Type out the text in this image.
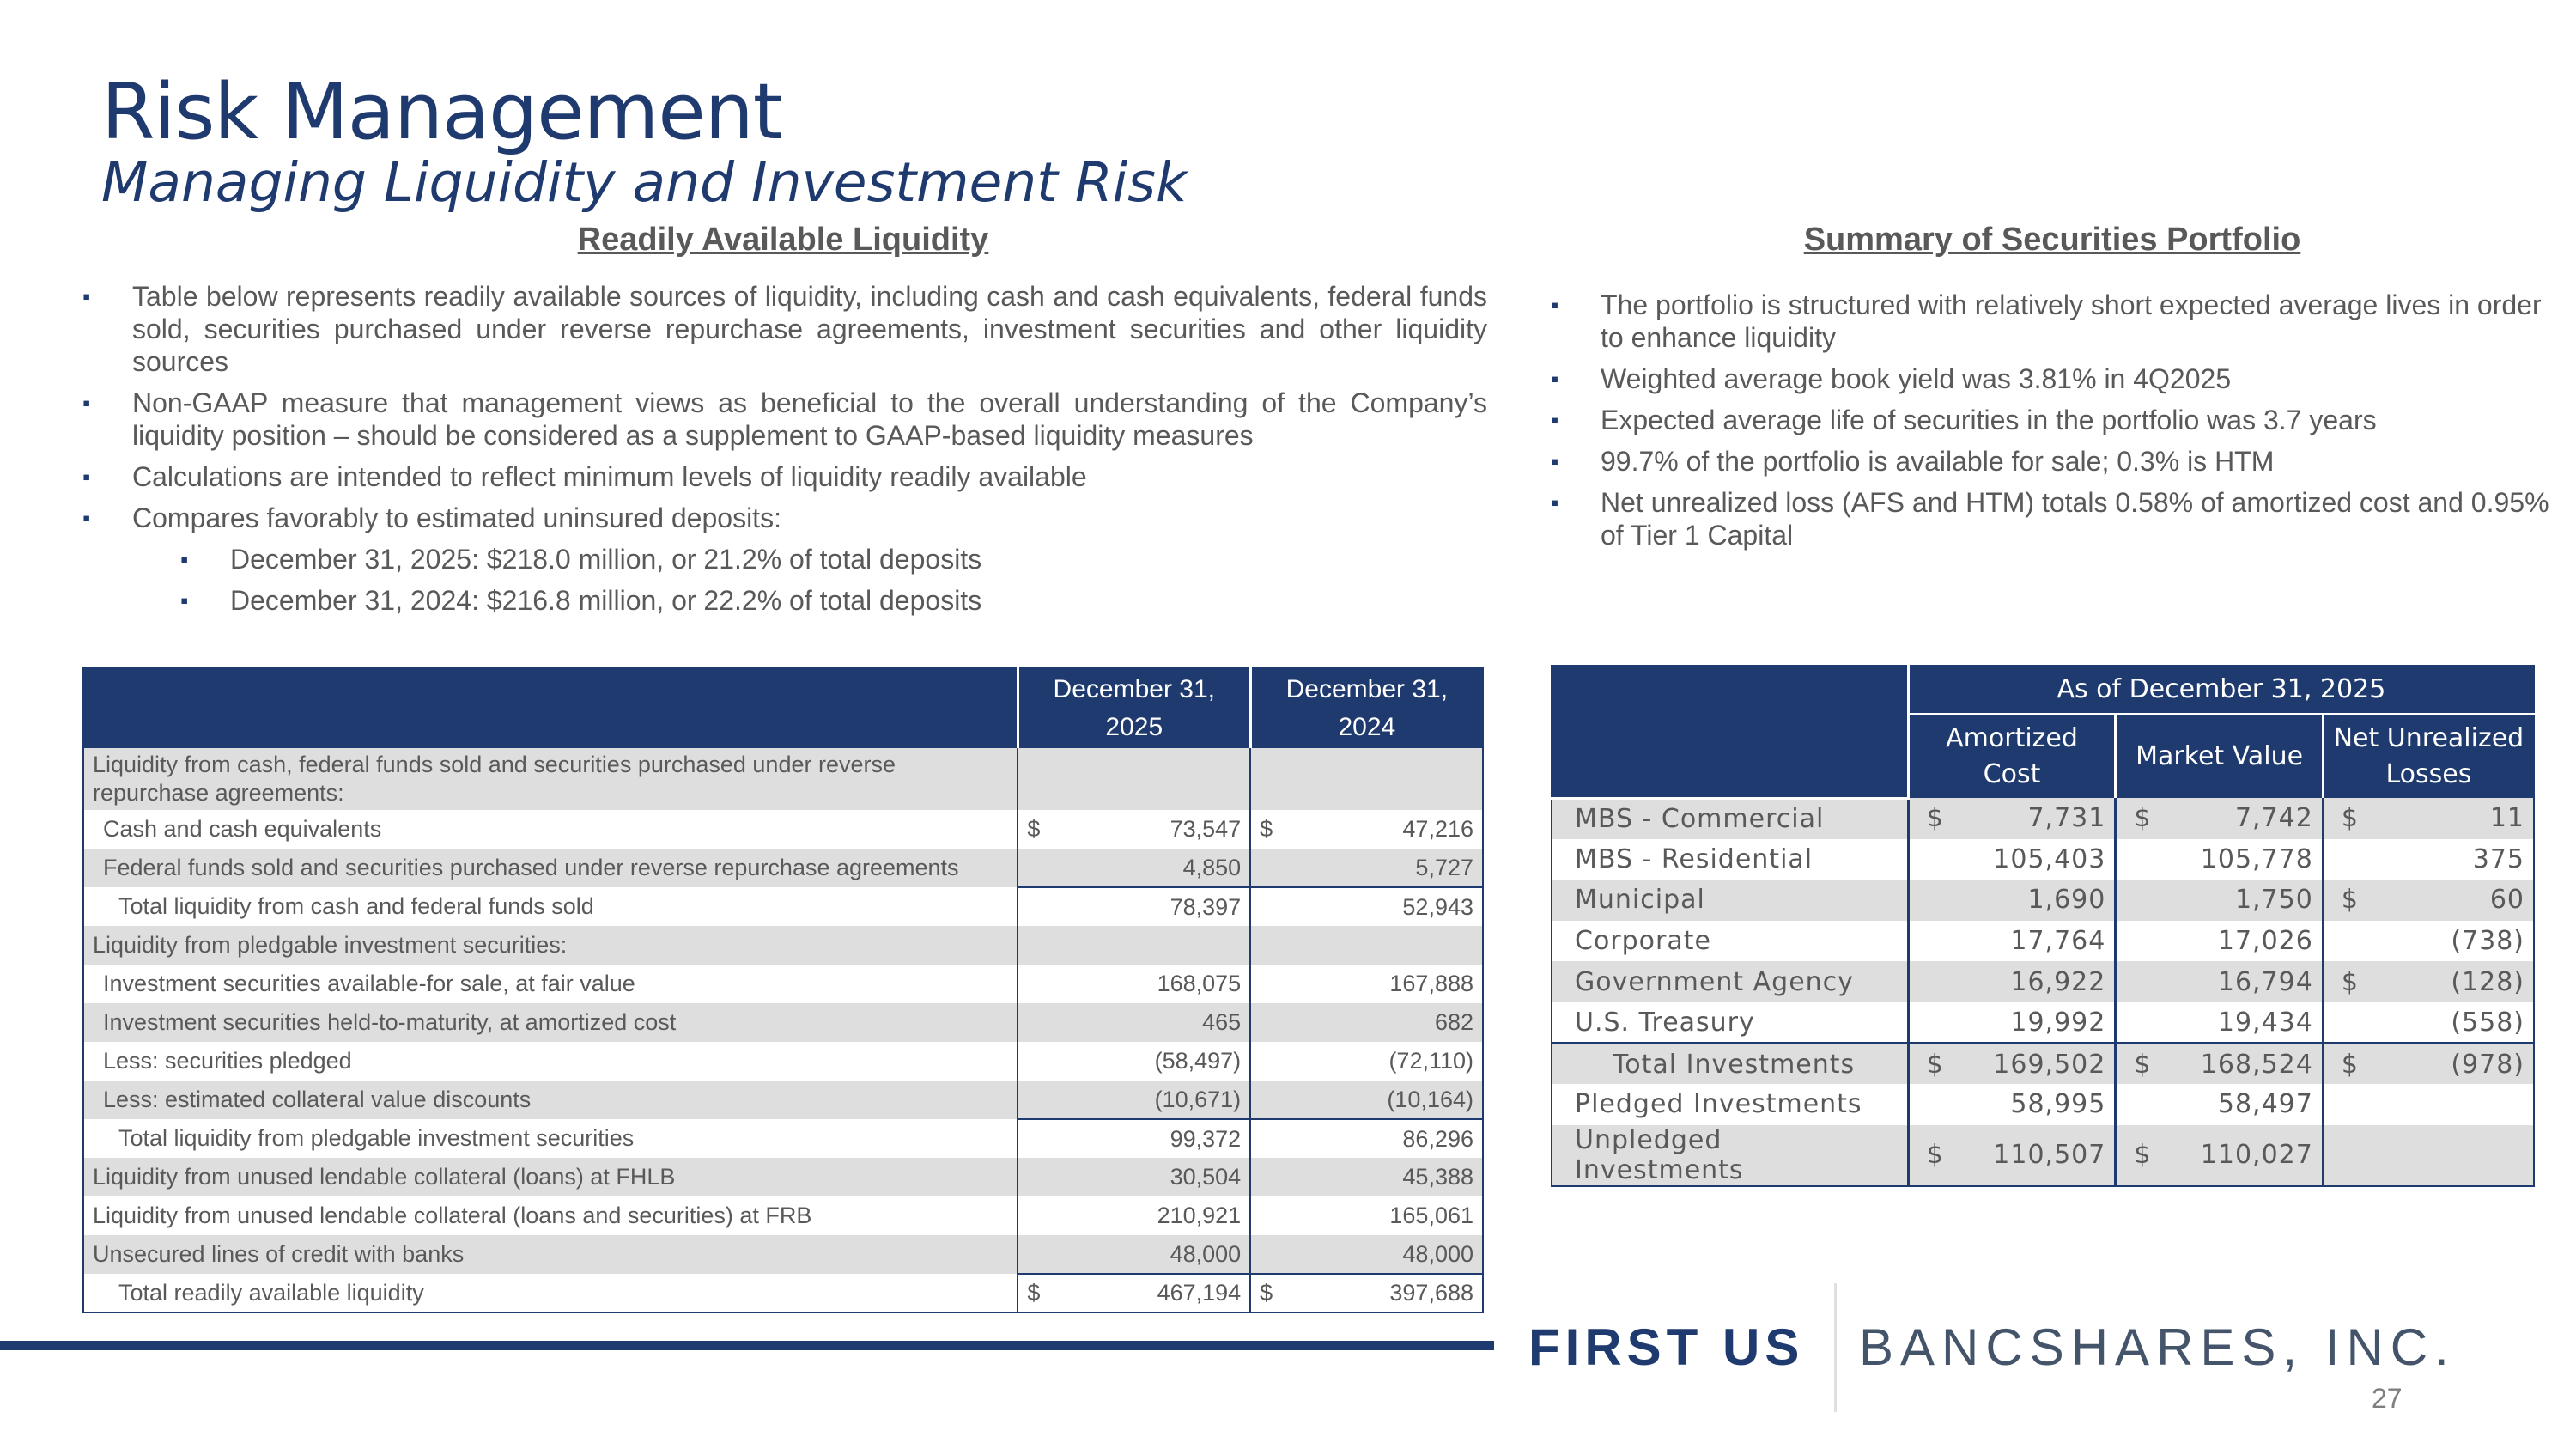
Risk Management
Managing Liquidity and Investment Risk
Readily Available Liquidity	Summary of Securities Portfolio
▪ Table below represents readily available sources of liquidity, including cash and cash equivalents, federal funds sold, securities purchased under reverse repurchase agreements, investment securities and other liquidity sources
▪ Non-GAAP measure that management views as beneficial to the overall understanding of the Company’s liquidity position – should be considered as a supplement to GAAP-based liquidity measures
▪ Calculations are intended to reflect minimum levels of liquidity readily available
▪ Compares favorably to estimated uninsured deposits:
▪ December 31, 2025: $218.0 million, or 21.2% of total deposits
▪ December 31, 2024: $216.8 million, or 22.2% of total deposits
▪ The portfolio is structured with relatively short expected average lives in order to enhance liquidity
▪ Weighted average book yield was 3.81% in 4Q2025
▪ Expected average life of securities in the portfolio was 3.7 years
▪ 99.7% of the portfolio is available for sale; 0.3% is HTM
▪ Net unrealized loss (AFS and HTM) totals 0.58% of amortized cost and 0.95% of Tier 1 Capital
	December 31, 2025	December 31, 2024
Liquidity from cash, federal funds sold and securities purchased under reverse repurchase agreements:		
Cash and cash equivalents	$ 73,547	$ 47,216
Federal funds sold and securities purchased under reverse repurchase agreements	4,850	5,727
Total liquidity from cash and federal funds sold	78,397	52,943
Liquidity from pledgable investment securities:		
Investment securities available-for sale, at fair value	168,075	167,888
Investment securities held-to-maturity, at amortized cost	465	682
Less: securities pledged	(58,497)	(72,110)
Less: estimated collateral value discounts	(10,671)	(10,164)
Total liquidity from pledgable investment securities	99,372	86,296
Liquidity from unused lendable collateral (loans) at FHLB	30,504	45,388
Liquidity from unused lendable collateral (loans and securities) at FRB	210,921	165,061
Unsecured lines of credit with banks	48,000	48,000
Total readily available liquidity	$ 467,194	$ 397,688
	As of December 31, 2025		
	Amortized Cost	Market Value	Net Unrealized Losses
MBS - Commercial	$ 7,731	$ 7,742	$ 11
MBS - Residential	105,403	105,778	375
Municipal	1,690	1,750	$ 60
Corporate	17,764	17,026	(738)
Government Agency	16,922	16,794	$ (128)
U.S. Treasury	19,992	19,434	(558)
Total Investments	$ 169,502	$ 168,524	$ (978)
Pledged Investments	58,995	58,497	
Unpledged Investments	$ 110,507	$ 110,027	
FIRST US BANCSHARES, INC.
27
